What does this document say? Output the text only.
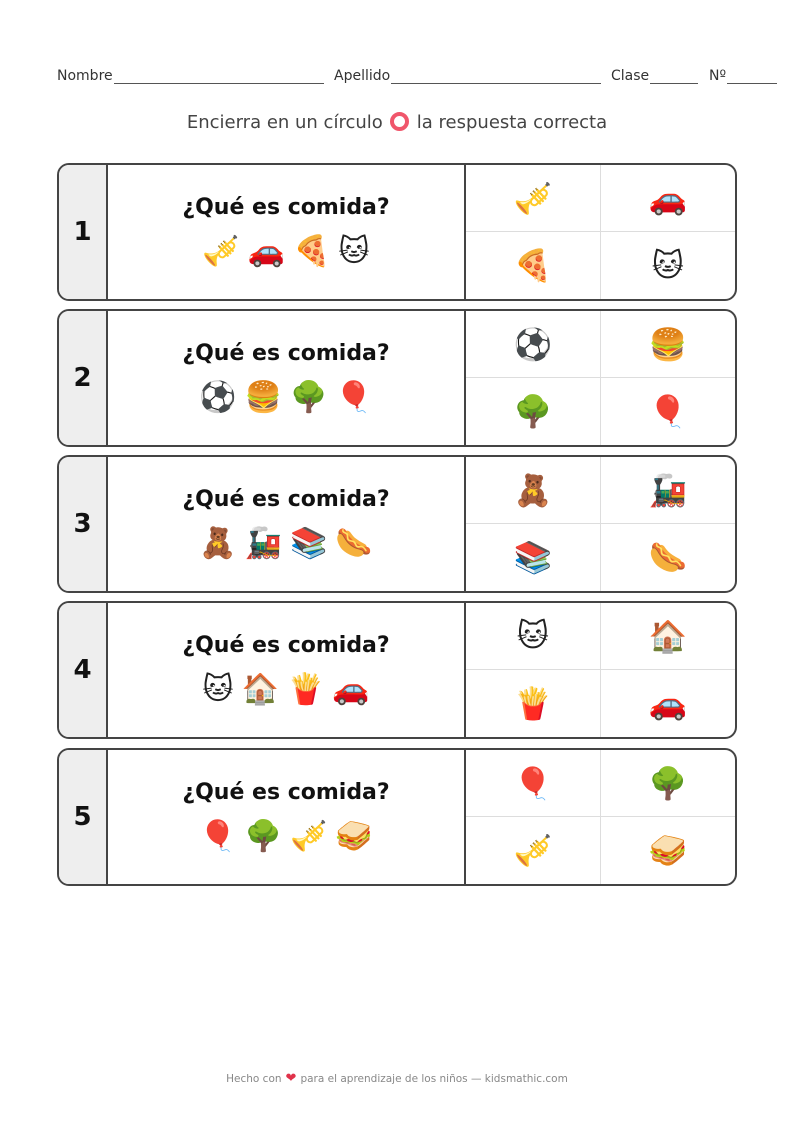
Nombre	Apellido	Clase	Nº
Encierra en un círculo la respuesta correcta
1
¿Qué es comida?
🎺 🚗 🍕 🐱
🎺	🚗
🍕	🐱
2
¿Qué es comida?
⚽ 🍔 🌳 🎈
⚽	🍔
🌳	🎈
3
¿Qué es comida?
🧸 🚂 📚 🌭
🧸	🚂
📚	🌭
4
¿Qué es comida?
🐱 🏠 🍟 🚗
🐱	🏠
🍟	🚗
5
¿Qué es comida?
🎈 🌳 🎺 🥪
🎈	🌳
🎺	🥪
Hecho con ❤ para el aprendizaje de los niños — kidsmathic.com
